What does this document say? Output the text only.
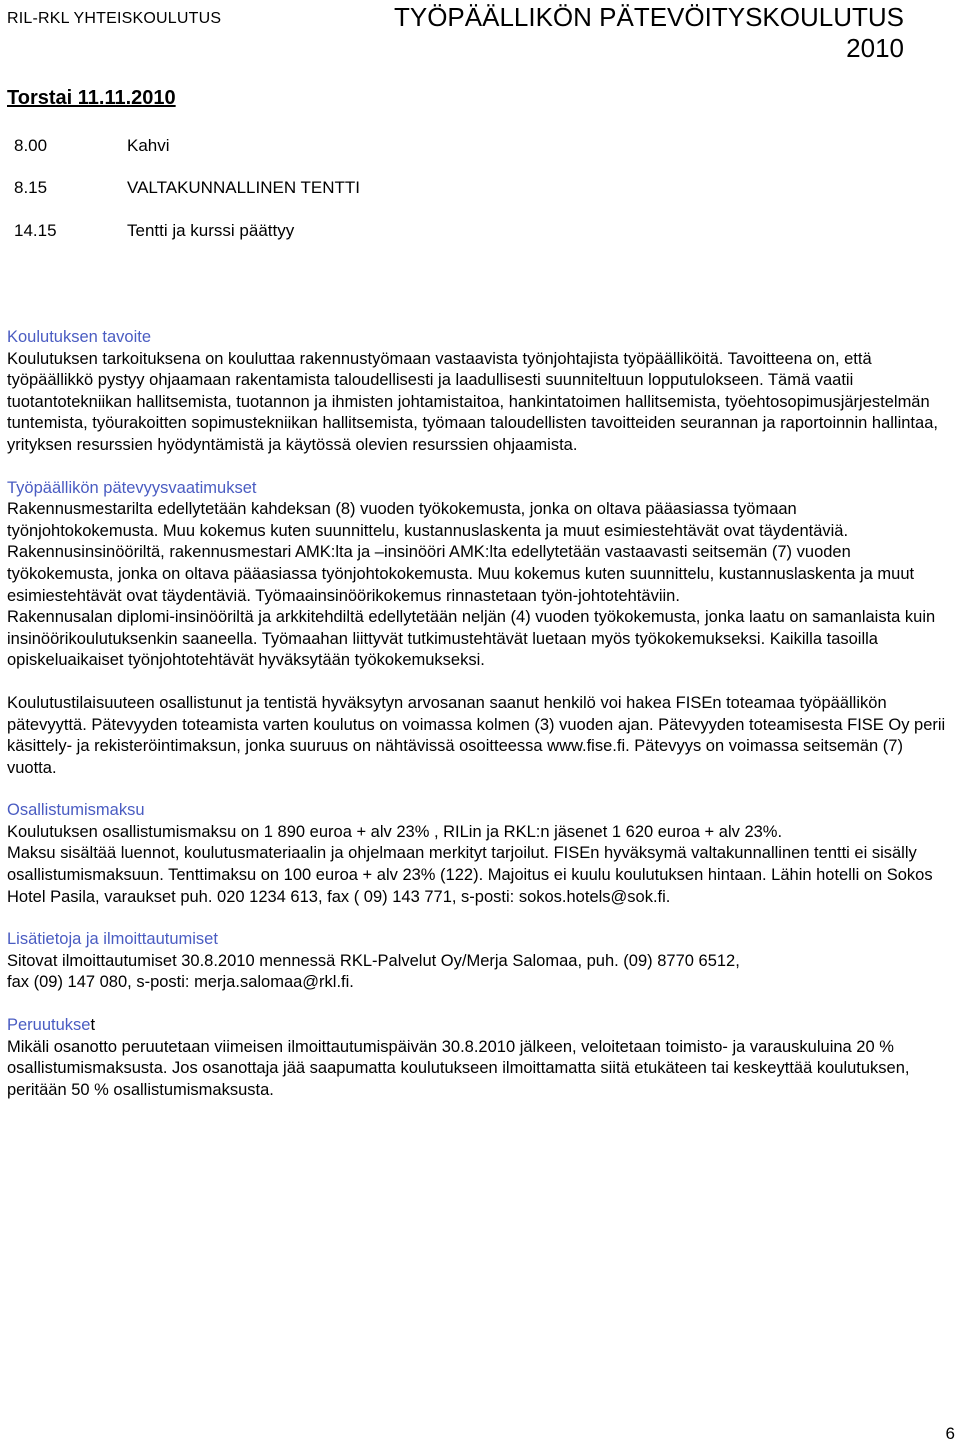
RIL-RKL YHTEISKOULUTUS	TYÖPÄÄLLIKÖN PÄTEVÖITYSKOULUTUS
2010
Torstai 11.11.2010
8.00	Kahvi
8.15	VALTAKUNNALLINEN TENTTI
14.15	Tentti ja kurssi päättyy
Koulutuksen tavoite

Koulutuksen tarkoituksena on kouluttaa rakennustyömaan vastaavista työnjohtajista työpäälliköitä. Tavoitteena on, että työpäällikkö pystyy ohjaamaan rakentamista taloudellisesti ja laadullisesti suunniteltuun lopputulokseen. Tämä vaatii tuotantotekniikan hallitsemista, tuotannon ja ihmisten johtamistaitoa, hankintatoimen hallitsemista, työehtosopimusjärjestelmän tuntemista, työurakoitten sopimustekniikan hallitsemista, työmaan taloudellisten tavoitteiden seurannan ja raportoinnin hallintaa, yrityksen resurssien hyödyntämistä ja käytössä olevien resurssien ohjaamista.

Työpäällikön pätevyysvaatimukset

Rakennusmestarilta edellytetään kahdeksan (8) vuoden työkokemusta, jonka on oltava pääasiassa työmaan työnjohtokokemusta. Muu kokemus kuten suunnittelu, kustannuslaskenta ja muut esimiestehtävät ovat täydentäviä.

Rakennusinsinööriltä, rakennusmestari AMK:lta ja –insinööri AMK:lta edellytetään vastaavasti seitsemän (7) vuoden työkokemusta, jonka on oltava pääasiassa työnjohtokokemusta. Muu kokemus kuten suunnittelu, kustannuslaskenta ja muut esimiestehtävät ovat täydentäviä. Työmaainsinöörikokemus rinnastetaan työn-johtotehtäviin.

Rakennusalan diplomi-insinööriltä ja arkkitehdiltä edellytetään neljän (4) vuoden työkokemusta, jonka laatu on samanlaista kuin insinöörikoulutuksenkin saaneella. Työmaahan liittyvät tutkimustehtävät luetaan myös työkokemukseksi. Kaikilla tasoilla opiskeluaikaiset työnjohtotehtävät hyväksytään työkokemukseksi.

Koulutustilaisuuteen osallistunut ja tentistä hyväksytyn arvosanan saanut henkilö voi hakea FISEn toteamaa työpäällikön pätevyyttä. Pätevyyden toteamista varten koulutus on voimassa kolmen (3) vuoden ajan. Pätevyyden toteamisesta FISE Oy perii käsittely- ja rekisteröintimaksun, jonka suuruus on nähtävissä osoitteessa www.fise.fi. Pätevyys on voimassa seitsemän (7) vuotta.

Osallistumismaksu

Koulutuksen osallistumismaksu on 1 890 euroa + alv 23% , RILin ja RKL:n jäsenet 1 620 euroa + alv 23%.

Maksu sisältää luennot, koulutusmateriaalin ja ohjelmaan merkityt tarjoilut. FISEn hyväksymä valtakunnallinen tentti ei sisälly osallistumismaksuun. Tenttimaksu on 100 euroa + alv 23% (122). Majoitus ei kuulu koulutuksen hintaan. Lähin hotelli on Sokos Hotel Pasila, varaukset puh. 020 1234 613, fax ( 09) 143 771, s-posti: sokos.hotels@sok.fi.

Lisätietoja ja ilmoittautumiset

Sitovat ilmoittautumiset 30.8.2010 mennessä RKL-Palvelut Oy/Merja Salomaa, puh. (09) 8770 6512,

fax (09) 147 080, s-posti: merja.salomaa@rkl.fi.

Peruutukset

Mikäli osanotto peruutetaan viimeisen ilmoittautumispäivän 30.8.2010 jälkeen, veloitetaan toimisto- ja varauskuluina 20 % osallistumismaksusta. Jos osanottaja jää saapumatta koulutukseen ilmoittamatta siitä etukäteen tai keskeyttää koulutuksen, peritään 50 % osallistumismaksusta.

6
